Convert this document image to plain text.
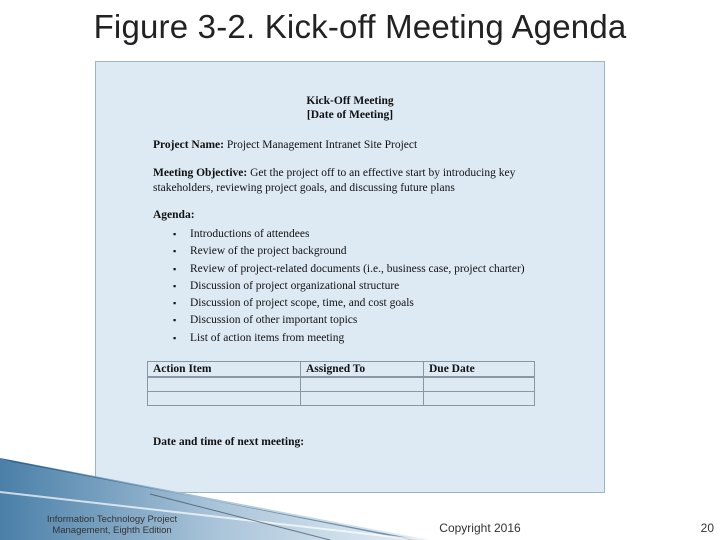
Figure 3-2. Kick-off Meeting Agenda
Kick-Off Meeting
[Date of Meeting]
Project Name: Project Management Intranet Site Project
Meeting Objective: Get the project off to an effective start by introducing key
stakeholders, reviewing project goals, and discussing future plans
Agenda:
▪ Introductions of attendees
▪ Review of the project background
▪ Review of project-related documents (i.e., business case, project charter)
▪ Discussion of project organizational structure
▪ Discussion of project scope, time, and cost goals
▪ Discussion of other important topics
▪ List of action items from meeting
Action Item	Assigned To	Due Date

Date and time of next meeting:
Information Technology Project
Management, Eighth Edition	Copyright 2016	20
